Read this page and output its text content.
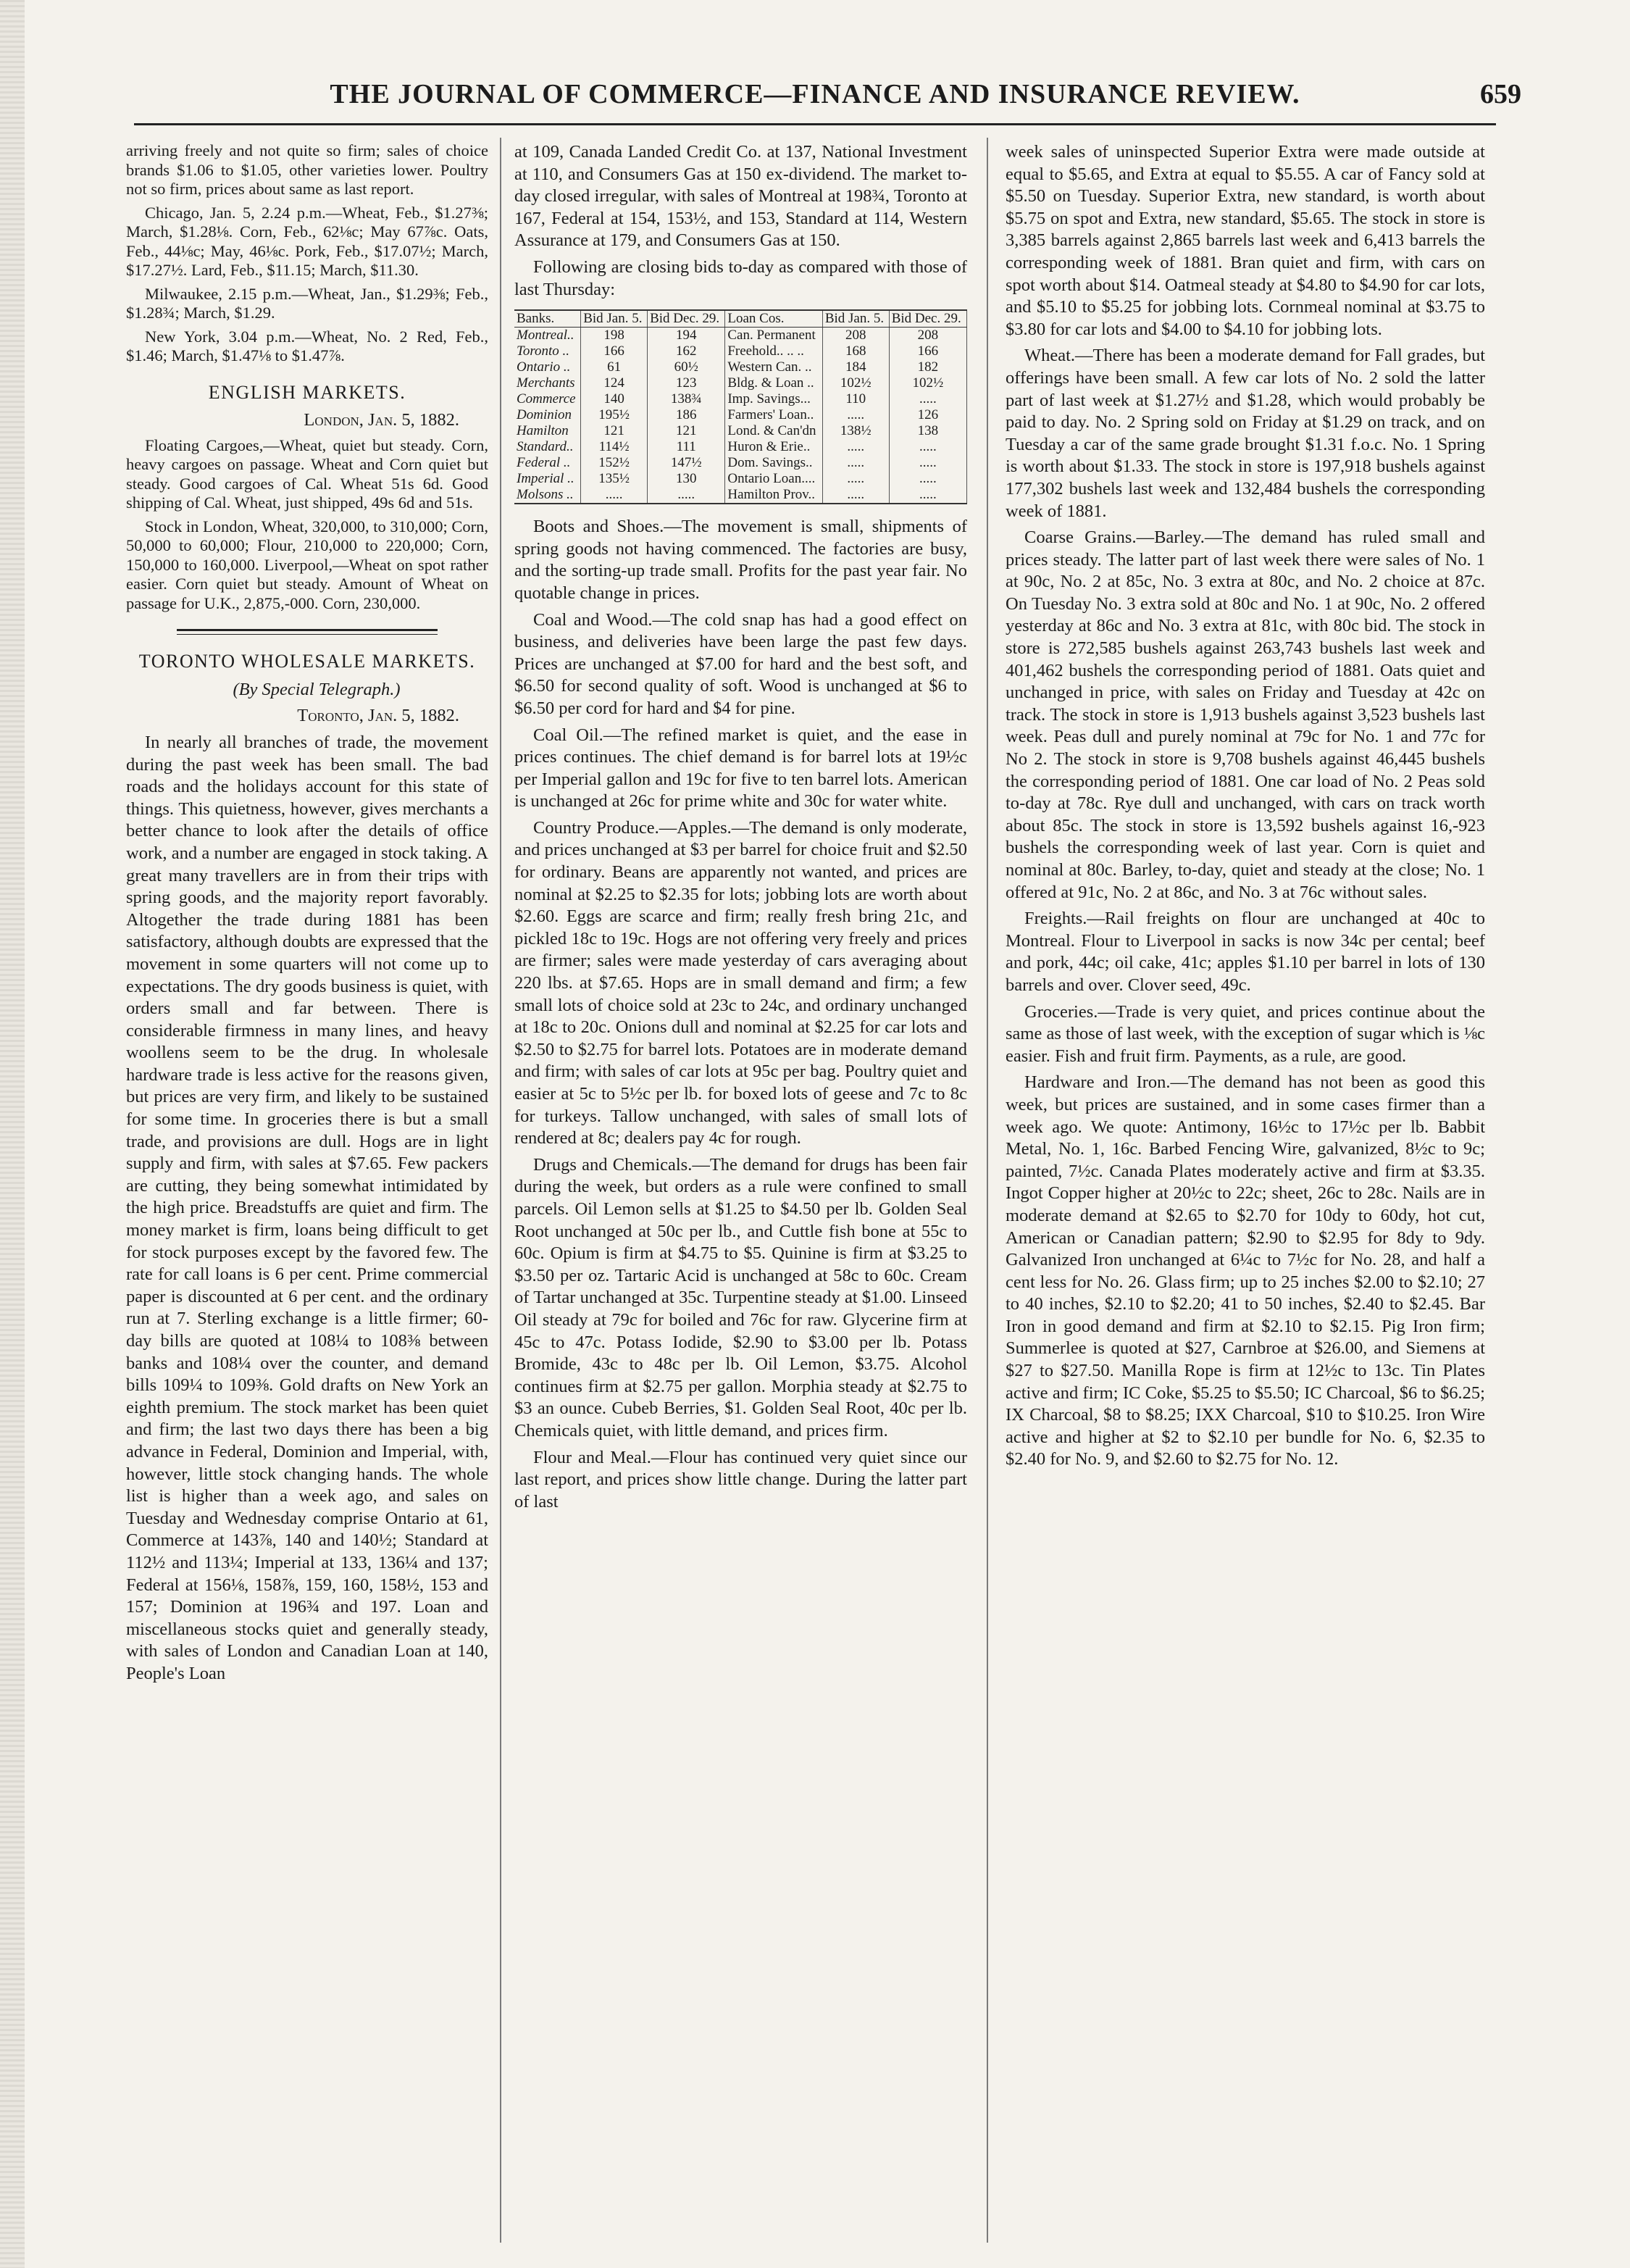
THE JOURNAL OF COMMERCE—FINANCE AND INSURANCE REVIEW.	659

arriving freely and not quite so firm; sales of choice brands $1.06 to $1.05, other varieties lower. Poultry not so firm, prices about same as last report.

Chicago, Jan. 5, 2.24 p.m.—Wheat, Feb., $1.27⅜; March, $1.28⅛. Corn, Feb., 62⅛c; May 67⅞c. Oats, Feb., 44⅛c; May, 46⅛c. Pork, Feb., $17.07½; March, $17.27½. Lard, Feb., $11.15; March, $11.30.

Milwaukee, 2.15 p.m.—Wheat, Jan., $1.29⅜; Feb., $1.28¾; March, $1.29.

New York, 3.04 p.m.—Wheat, No. 2 Red, Feb., $1.46; March, $1.47⅛ to $1.47⅞.

ENGLISH MARKETS.

London, Jan. 5, 1882.

Floating Cargoes,—Wheat, quiet but steady. Corn, heavy cargoes on passage. Wheat and Corn quiet but steady. Good cargoes of Cal. Wheat 51s 6d. Good shipping of Cal. Wheat, just shipped, 49s 6d and 51s.

Stock in London, Wheat, 320,000, to 310,000; Corn, 50,000 to 60,000; Flour, 210,000 to 220,000; Corn, 150,000 to 160,000. Liverpool,—Wheat on spot rather easier. Corn quiet but steady. Amount of Wheat on passage for U.K., 2,875,-000. Corn, 230,000.

TORONTO WHOLESALE MARKETS.

(By Special Telegraph.)

Toronto, Jan. 5, 1882.

In nearly all branches of trade, the movement during the past week has been small. The bad roads and the holidays account for this state of things. This quietness, however, gives merchants a better chance to look after the details of office work, and a number are engaged in stock taking. A great many travellers are in from their trips with spring goods, and the majority report favorably. Altogether the trade during 1881 has been satisfactory, although doubts are expressed that the movement in some quarters will not come up to expectations. The dry goods business is quiet, with orders small and far between. There is considerable firmness in many lines, and heavy woollens seem to be the drug. In wholesale hardware trade is less active for the reasons given, but prices are very firm, and likely to be sustained for some time. In groceries there is but a small trade, and provisions are dull. Hogs are in light supply and firm, with sales at $7.65. Few packers are cutting, they being somewhat intimidated by the high price. Breadstuffs are quiet and firm. The money market is firm, loans being difficult to get for stock purposes except by the favored few. The rate for call loans is 6 per cent. Prime commercial paper is discounted at 6 per cent. and the ordinary run at 7. Sterling exchange is a little firmer; 60-day bills are quoted at 108¼ to 108⅜ between banks and 108¼ over the counter, and demand bills 109¼ to 109⅜. Gold drafts on New York an eighth premium. The stock market has been quiet and firm; the last two days there has been a big advance in Federal, Dominion and Imperial, with, however, little stock changing hands. The whole list is higher than a week ago, and sales on Tuesday and Wednesday comprise Ontario at 61, Commerce at 143⅞, 140 and 140½; Standard at 112½ and 113¼; Imperial at 133, 136¼ and 137; Federal at 156⅛, 158⅞, 159, 160, 158½, 153 and 157; Dominion at 196¾ and 197. Loan and miscellaneous stocks quiet and generally steady, with sales of London and Canadian Loan at 140, People's Loan

at 109, Canada Landed Credit Co. at 137, National Investment at 110, and Consumers Gas at 150 ex-dividend. The market to-day closed irregular, with sales of Montreal at 198¾, Toronto at 167, Federal at 154, 153½, and 153, Standard at 114, Western Assurance at 179, and Consumers Gas at 150.

Following are closing bids to-day as compared with those of last Thursday:

Banks.	Bid Jan. 5.	Bid Dec. 29.	Loan Cos.	Bid Jan. 5.	Bid Dec. 29.
Montreal..	198	194	Can. Permanent	208	208
Toronto ..	166	162	Freehold.. .. ..	168	166
Ontario ..	61	60½	Western Can. ..	184	182
Merchants	124	123	Bldg. & Loan ..	102½	102½
Commerce	140	138¾	Imp. Savings...	110	.....
Dominion	195½	186	Farmers' Loan..	.....	126
Hamilton	121	121	Lond. & Can'dn	138½	138
Standard..	114½	111	Huron & Erie..	.....	.....
Federal ..	152½	147½	Dom. Savings..	.....	.....
Imperial ..	135½	130	Ontario Loan....	.....	.....
Molsons ..	.....	.....	Hamilton Prov..	.....	.....

Boots and Shoes.—The movement is small, shipments of spring goods not having commenced. The factories are busy, and the sorting-up trade small. Profits for the past year fair. No quotable change in prices.

Coal and Wood.—The cold snap has had a good effect on business, and deliveries have been large the past few days. Prices are unchanged at $7.00 for hard and the best soft, and $6.50 for second quality of soft. Wood is unchanged at $6 to $6.50 per cord for hard and $4 for pine.

Coal Oil.—The refined market is quiet, and the ease in prices continues. The chief demand is for barrel lots at 19½c per Imperial gallon and 19c for five to ten barrel lots. American is unchanged at 26c for prime white and 30c for water white.

Country Produce.—Apples.—The demand is only moderate, and prices unchanged at $3 per barrel for choice fruit and $2.50 for ordinary. Beans are apparently not wanted, and prices are nominal at $2.25 to $2.35 for lots; jobbing lots are worth about $2.60. Eggs are scarce and firm; really fresh bring 21c, and pickled 18c to 19c. Hogs are not offering very freely and prices are firmer; sales were made yesterday of cars averaging about 220 lbs. at $7.65. Hops are in small demand and firm; a few small lots of choice sold at 23c to 24c, and ordinary unchanged at 18c to 20c. Onions dull and nominal at $2.25 for car lots and $2.50 to $2.75 for barrel lots. Potatoes are in moderate demand and firm; with sales of car lots at 95c per bag. Poultry quiet and easier at 5c to 5½c per lb. for boxed lots of geese and 7c to 8c for turkeys. Tallow unchanged, with sales of small lots of rendered at 8c; dealers pay 4c for rough.

Drugs and Chemicals.—The demand for drugs has been fair during the week, but orders as a rule were confined to small parcels. Oil Lemon sells at $1.25 to $4.50 per lb. Golden Seal Root unchanged at 50c per lb., and Cuttle fish bone at 55c to 60c. Opium is firm at $4.75 to $5. Quinine is firm at $3.25 to $3.50 per oz. Tartaric Acid is unchanged at 58c to 60c. Cream of Tartar unchanged at 35c. Turpentine steady at $1.00. Linseed Oil steady at 79c for boiled and 76c for raw. Glycerine firm at 45c to 47c. Potass Iodide, $2.90 to $3.00 per lb. Potass Bromide, 43c to 48c per lb. Oil Lemon, $3.75. Alcohol continues firm at $2.75 per gallon. Morphia steady at $2.75 to $3 an ounce. Cubeb Berries, $1. Golden Seal Root, 40c per lb. Chemicals quiet, with little demand, and prices firm.

Flour and Meal.—Flour has continued very quiet since our last report, and prices show little change. During the latter part of last

week sales of uninspected Superior Extra were made outside at equal to $5.65, and Extra at equal to $5.55. A car of Fancy sold at $5.50 on Tuesday. Superior Extra, new standard, is worth about $5.75 on spot and Extra, new standard, $5.65. The stock in store is 3,385 barrels against 2,865 barrels last week and 6,413 barrels the corresponding week of 1881. Bran quiet and firm, with cars on spot worth about $14. Oatmeal steady at $4.80 to $4.90 for car lots, and $5.10 to $5.25 for jobbing lots. Cornmeal nominal at $3.75 to $3.80 for car lots and $4.00 to $4.10 for jobbing lots.

Wheat.—There has been a moderate demand for Fall grades, but offerings have been small. A few car lots of No. 2 sold the latter part of last week at $1.27½ and $1.28, which would probably be paid to day. No. 2 Spring sold on Friday at $1.29 on track, and on Tuesday a car of the same grade brought $1.31 f.o.c. No. 1 Spring is worth about $1.33. The stock in store is 197,918 bushels against 177,302 bushels last week and 132,484 bushels the corresponding week of 1881.

Coarse Grains.—Barley.—The demand has ruled small and prices steady. The latter part of last week there were sales of No. 1 at 90c, No. 2 at 85c, No. 3 extra at 80c, and No. 2 choice at 87c. On Tuesday No. 3 extra sold at 80c and No. 1 at 90c, No. 2 offered yesterday at 86c and No. 3 extra at 81c, with 80c bid. The stock in store is 272,585 bushels against 263,743 bushels last week and 401,462 bushels the corresponding period of 1881. Oats quiet and unchanged in price, with sales on Friday and Tuesday at 42c on track. The stock in store is 1,913 bushels against 3,523 bushels last week. Peas dull and purely nominal at 79c for No. 1 and 77c for No 2. The stock in store is 9,708 bushels against 46,445 bushels the corresponding period of 1881. One car load of No. 2 Peas sold to-day at 78c. Rye dull and unchanged, with cars on track worth about 85c. The stock in store is 13,592 bushels against 16,-923 bushels the corresponding week of last year. Corn is quiet and nominal at 80c. Barley, to-day, quiet and steady at the close; No. 1 offered at 91c, No. 2 at 86c, and No. 3 at 76c without sales.

Freights.—Rail freights on flour are unchanged at 40c to Montreal. Flour to Liverpool in sacks is now 34c per cental; beef and pork, 44c; oil cake, 41c; apples $1.10 per barrel in lots of 130 barrels and over. Clover seed, 49c.

Groceries.—Trade is very quiet, and prices continue about the same as those of last week, with the exception of sugar which is ⅛c easier. Fish and fruit firm. Payments, as a rule, are good.

Hardware and Iron.—The demand has not been as good this week, but prices are sustained, and in some cases firmer than a week ago. We quote: Antimony, 16½c to 17½c per lb. Babbit Metal, No. 1, 16c. Barbed Fencing Wire, galvanized, 8½c to 9c; painted, 7½c. Canada Plates moderately active and firm at $3.35. Ingot Copper higher at 20½c to 22c; sheet, 26c to 28c. Nails are in moderate demand at $2.65 to $2.70 for 10dy to 60dy, hot cut, American or Canadian pattern; $2.90 to $2.95 for 8dy to 9dy. Galvanized Iron unchanged at 6¼c to 7½c for No. 28, and half a cent less for No. 26. Glass firm; up to 25 inches $2.00 to $2.10; 27 to 40 inches, $2.10 to $2.20; 41 to 50 inches, $2.40 to $2.45. Bar Iron in good demand and firm at $2.10 to $2.15. Pig Iron firm; Summerlee is quoted at $27, Carnbroe at $26.00, and Siemens at $27 to $27.50. Manilla Rope is firm at 12½c to 13c. Tin Plates active and firm; IC Coke, $5.25 to $5.50; IC Charcoal, $6 to $6.25; IX Charcoal, $8 to $8.25; IXX Charcoal, $10 to $10.25. Iron Wire active and higher at $2 to $2.10 per bundle for No. 6, $2.35 to $2.40 for No. 9, and $2.60 to $2.75 for No. 12.
